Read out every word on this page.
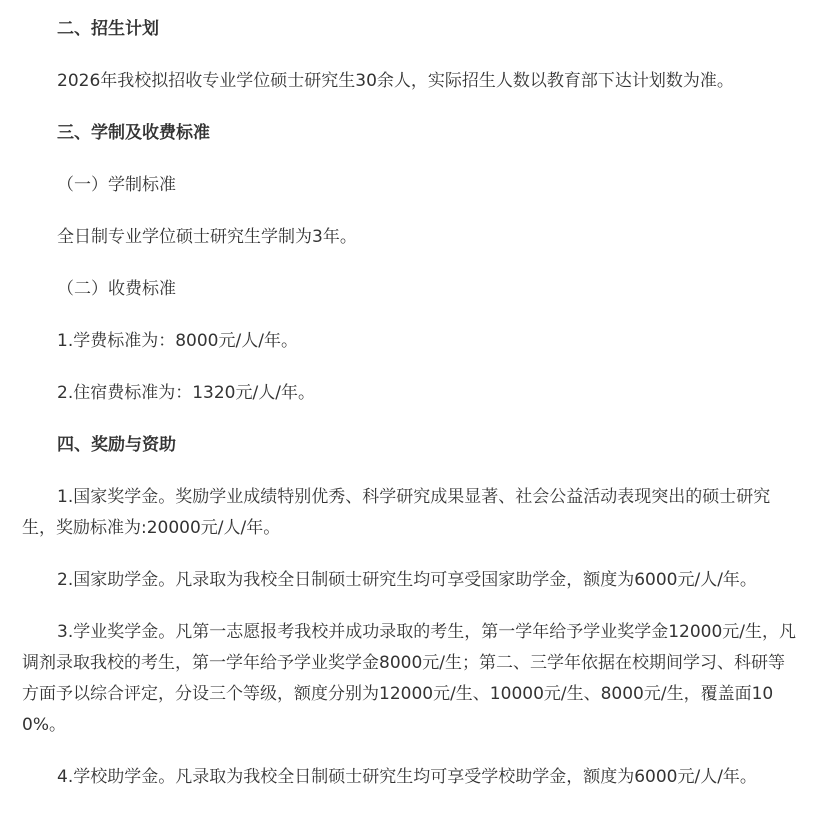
二、招生计划

2026年我校拟招收专业学位硕士研究生30余人，实际招生人数以教育部下达计划数为准。

三、学制及收费标准

（一）学制标准

全日制专业学位硕士研究生学制为3年。

（二）收费标准

1.学费标准为：8000元/人/年。

2.住宿费标准为：1320元/人/年。

四、奖励与资助

1.国家奖学金。奖励学业成绩特别优秀、科学研究成果显著、社会公益活动表现突出的硕士研究生，奖励标准为:20000元/人/年。

2.国家助学金。凡录取为我校全日制硕士研究生均可享受国家助学金，额度为6000元/人/年。

3.学业奖学金。凡第一志愿报考我校并成功录取的考生，第一学年给予学业奖学金12000元/生，凡调剂录取我校的考生，第一学年给予学业奖学金8000元/生；第二、三学年依据在校期间学习、科研等方面予以综合评定，分设三个等级，额度分别为12000元/生、10000元/生、8000元/生，覆盖面100%。

4.学校助学金。凡录取为我校全日制硕士研究生均可享受学校助学金，额度为6000元/人/年。
